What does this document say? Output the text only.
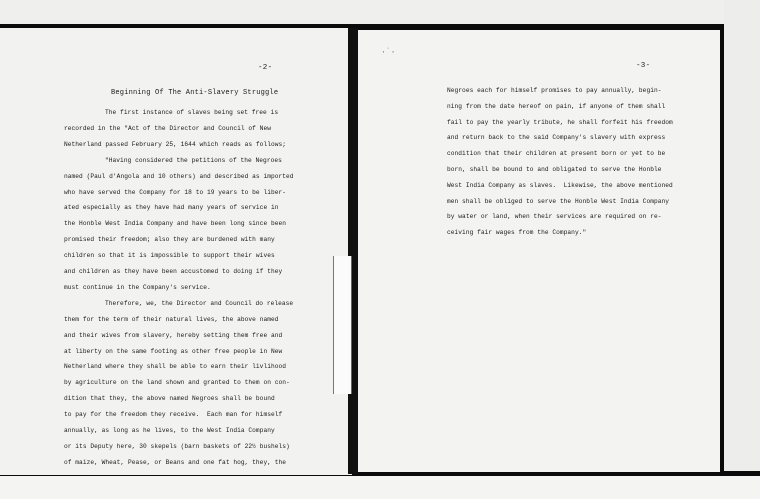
-2-
Beginning Of The Anti-Slavery Struggle
The first instance of slaves being set free is
recorded in the "Act of the Director and Council of New
Netherland passed February 25, 1644 which reads as follows;
"Having considered the petitions of the Negroes
named (Paul d'Angola and 10 others) and described as imported
who have served the Company for 18 to 19 years to be liber-
ated especially as they have had many years of service in
the Honble West India Company and have been long since been
promised their freedom; also they are burdened with many
children so that it is impossible to support their wives
and children as they have been accustomed to doing if they
must continue in the Company's service.
Therefore, we, the Director and Council do release
them for the term of their natural lives, the above named
and their wives from slavery, hereby setting them free and
at liberty on the same footing as other free people in New
Netherland where they shall be able to earn their livlihood
by agriculture on the land shown and granted to them on con-
dition that they, the above named Negroes shall be bound
to pay for the freedom they receive.  Each man for himself
annually, as long as he lives, to the West India Company
or its Deputy here, 30 skepels (barn baskets of 22½ bushels)
of maize, Wheat, Pease, or Beans and one fat hog, they, the
-3-
·˙·
Negroes each for himself promises to pay annually, begin-
ning from the date hereof on pain, if anyone of them shall
fail to pay the yearly tribute, he shall forfeit his freedom
and return back to the said Company's slavery with express
condition that their children at present born or yet to be
born, shall be bound to and obligated to serve the Honble
West India Company as slaves.  Likewise, the above mentioned
men shall be obliged to serve the Honble West India Company
by water or land, when their services are required on re-
ceiving fair wages from the Company."
